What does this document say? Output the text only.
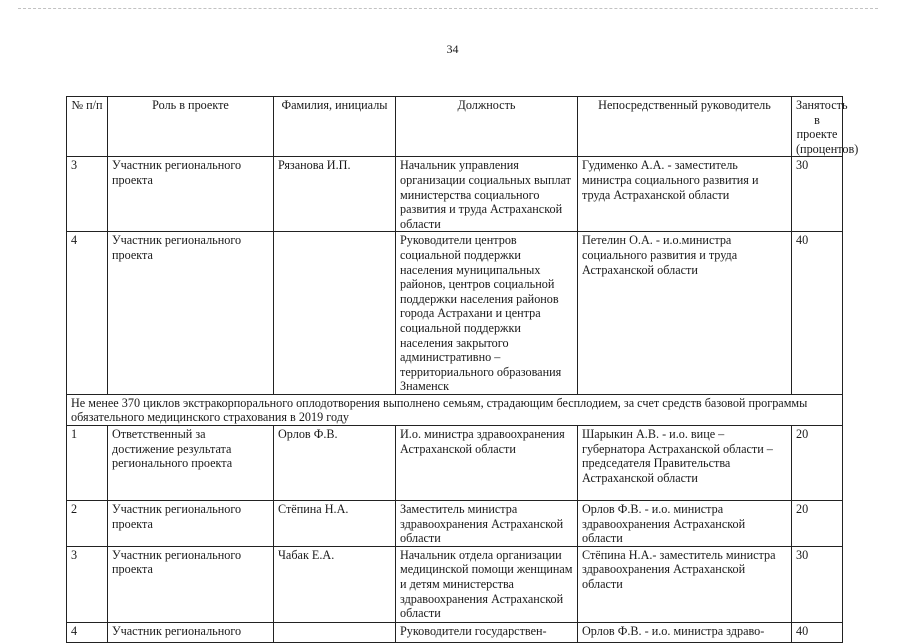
34
№ п/п	Роль в проекте	Фамилия, инициалы	Должность	Непосредственный руководитель	Занятость в проекте (процентов)
3	Участник регионального проекта	Рязанова И.П.	Начальник управления организации социальных выплат министерства социального развития и труда Астраханской области	Гудименко А.А. - заместитель министра социального развития и труда Астраханской области	30
4	Участник регионального проекта		Руководители центров социальной поддержки населения муниципальных районов, центров социальной поддержки населения районов города Астрахани и центра социальной поддержки населения закрытого административно – территориального образования Знаменск	Петелин О.А. - и.о.министра социального развития и труда Астраханской области	40
Не менее 370 циклов экстракорпорального оплодотворения выполнено семьям, страдающим бесплодием, за счет средств базовой программы обязательного медицинского страхования в 2019 году					
1	Ответственный за достижение результата регионального проекта	Орлов Ф.В.	И.о. министра здравоохранения Астраханской области	Шарыкин А.В. - и.о. вице – губернатора Астраханской области – председателя Правительства Астраханской области	20
2	Участник регионального проекта	Стёпина Н.А.	Заместитель министра здравоохранения Астраханской области	Орлов Ф.В. - и.о. министра здравоохранения Астраханской области	20
3	Участник регионального проекта	Чабак Е.А.	Начальник отдела организации медицинской помощи женщинам и детям министерства здравоохранения Астраханской области	Стёпина Н.А.- заместитель министра здравоохранения Астраханской области	30
4	Участник регионального		Руководители государствен-	Орлов Ф.В. - и.о. министра здраво-	40
